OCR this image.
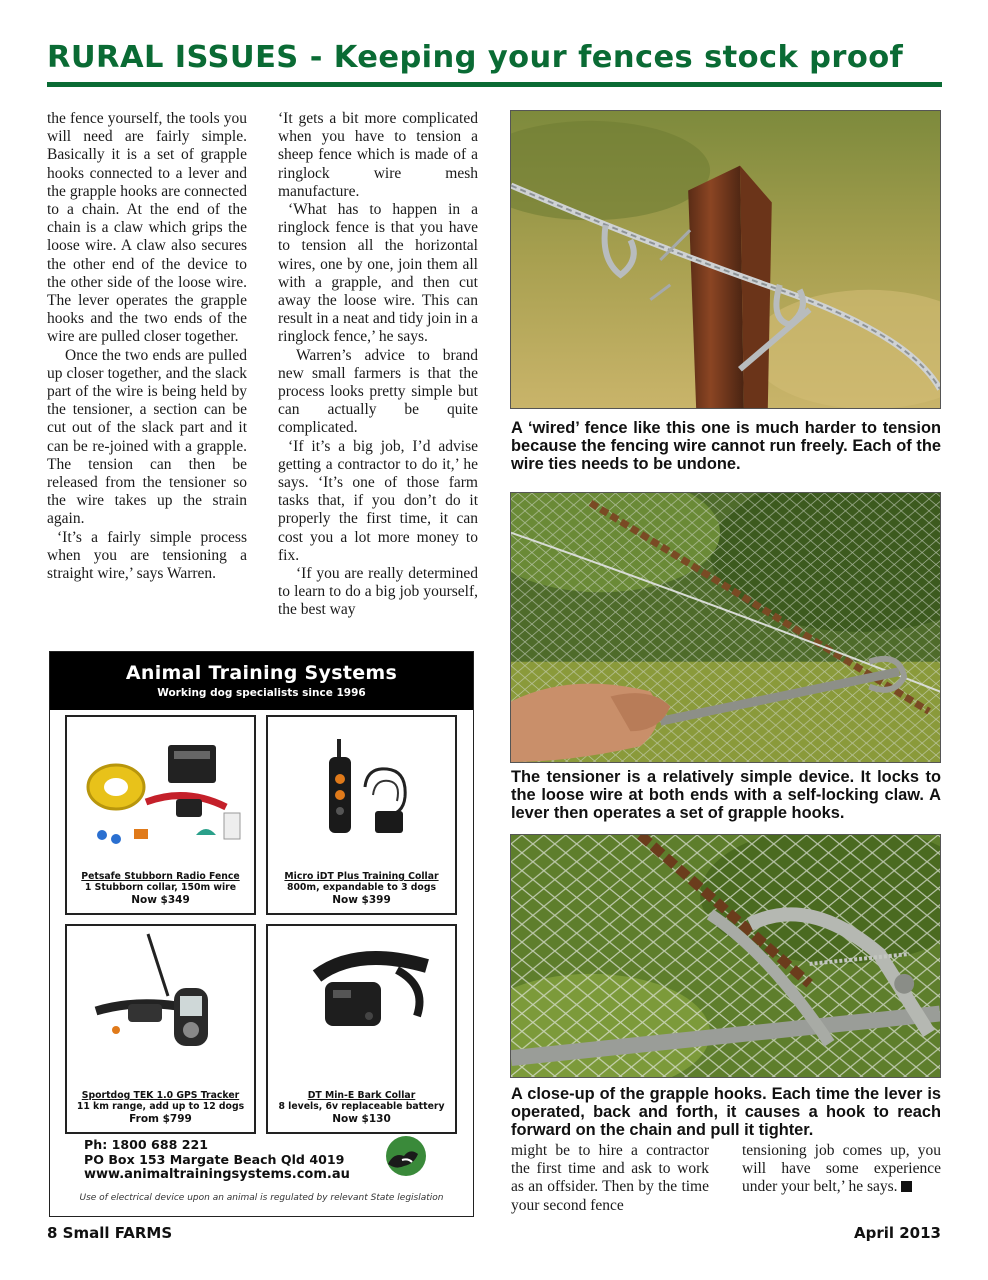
RURAL ISSUES - Keeping your fences stock proof

the fence yourself, the tools you will need are fairly simple. Basically it is a set of grapple hooks connected to a lever and the grapple hooks are connected to a chain. At the end of the chain is a claw which grips the loose wire. A claw also secures the other end of the device to the other side of the loose wire. The lever operates the grapple hooks and the two ends of the wire are pulled closer together.

Once the two ends are pulled up closer together, and the slack part of the wire is being held by the tensioner, a section can be cut out of the slack part and it can be re-joined with a grapple. The tension can then be released from the tensioner so the wire takes up the strain again.

‘It’s a fairly simple process when you are tensioning a straight wire,’ says Warren.

‘It gets a bit more complicated when you have to tension a sheep fence which is made of a ringlock wire mesh manufacture.

‘What has to happen in a ringlock fence is that you have to tension all the horizontal wires, one by one, join them all with a grapple, and then cut away the loose wire. This can result in a neat and tidy join in a ringlock fence,’ he says.

Warren’s advice to brand new small farmers is that the process looks pretty simple but can actually be quite complicated.

‘If it’s a big job, I’d advise getting a contractor to do it,’ he says. ‘It’s one of those farm tasks that, if you don’t do it properly the first time, it can cost you a lot more money to fix.

‘If you are really determined to learn to do a big job yourself, the best way

A ‘wired’ fence like this one is much harder to tension because the fencing wire cannot run freely. Each of the wire ties needs to be undone.
The tensioner is a relatively simple device. It locks to the loose wire at both ends with a self-locking claw. A lever then operates a set of grapple hooks.
A close-up of the grapple hooks. Each time the lever is operated, back and forth, it causes a hook to reach forward on the chain and pull it tighter.

might be to hire a contractor the first time and ask to work as an offsider. Then by the time your second fence

tensioning job comes up, you will have some experience under your belt,’ he says.

Animal Training Systems
Working dog specialists since 1996
Petsafe Stubborn Radio Fence
1 Stubborn collar, 150m wire
Now $349
Micro iDT Plus Training Collar
800m, expandable to 3 dogs
Now $399
Sportdog TEK 1.0 GPS Tracker
11 km range, add up to 12 dogs
From $799
DT Min-E Bark Collar
8 levels, 6v replaceable battery
Now $130
Ph: 1800 688 221
PO Box 153 Margate Beach Qld 4019
www.animaltrainingsystems.com.au
Use of electrical device upon an animal is regulated by relevant State legislation
8 Small FARMS	April 2013
